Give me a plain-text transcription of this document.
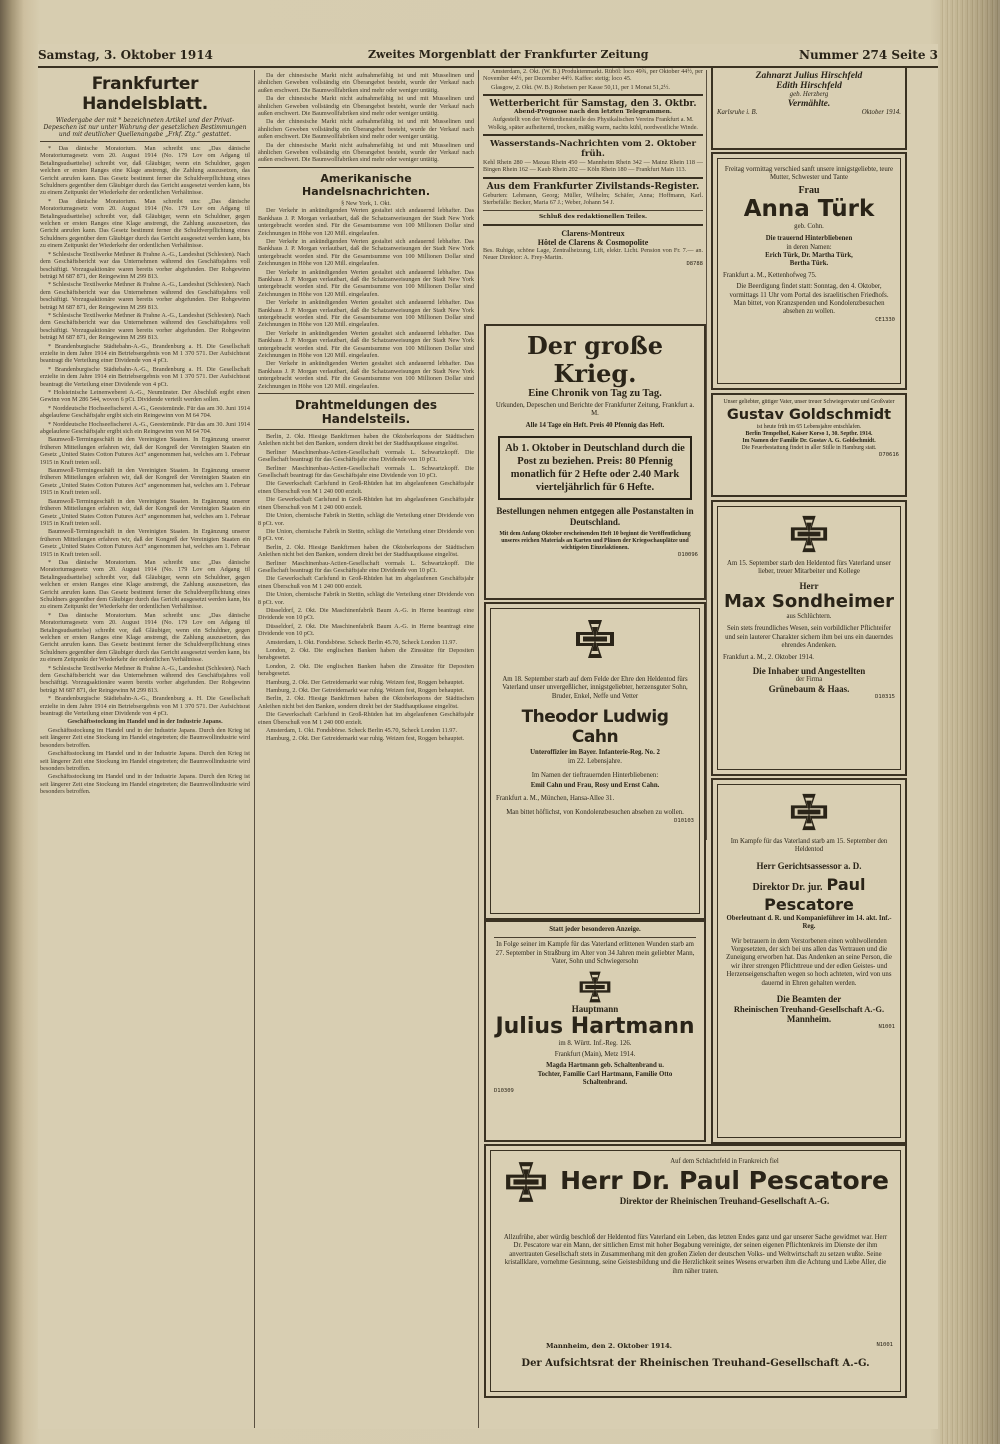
Samstag, 3. Oktober 1914	Zweites Morgenblatt der Frankfurter Zeitung	Nummer 274 Seite 3
Frankfurter Handelsblatt.
Wiedergabe der mit * bezeichneten Artikel und der Privat-Depeschen ist nur unter Wahrung der gesetzlichen Bestimmungen und mit deutlicher Quellenangabe „Frkf. Ztg.“ gestattet.

* Das dänische Moratorium. Man schreibt uns: „Das dänische Moratoriumsgesetz vom 20. August 1914 (No. 179 Lov om Adgang til Betalingsudsættelse) schreibt vor, daß Gläubiger, wenn ein Schuldner, gegen welchen er ersten Ranges eine Klage anstrengt, die Zahlung auszusetzen, das Gericht anrufen kann. Das Gesetz bestimmt ferner die Schuldverpflichtung eines Schuldners gegenüber dem Gläubiger durch das Gericht ausgesetzt werden kann, bis zu einem Zeitpunkt der Wiederkehr der ordentlichen Verhältnisse.

* Das dänische Moratorium. Man schreibt uns: „Das dänische Moratoriumsgesetz vom 20. August 1914 (No. 179 Lov om Adgang til Betalingsudsættelse) schreibt vor, daß Gläubiger, wenn ein Schuldner, gegen welchen er ersten Ranges eine Klage anstrengt, die Zahlung auszusetzen, das Gericht anrufen kann. Das Gesetz bestimmt ferner die Schuldverpflichtung eines Schuldners gegenüber dem Gläubiger durch das Gericht ausgesetzt werden kann, bis zu einem Zeitpunkt der Wiederkehr der ordentlichen Verhältnisse.

* Schlesische Textilwerke Methner & Frahne A.-G., Landeshut (Schlesien). Nach dem Geschäftsbericht war das Unternehmen während des Geschäftsjahres voll beschäftigt. Vorzugsaktionäre waren bereits vorher abgefunden. Der Rohgewinn beträgt M 687 871, der Reingewinn M 299 813.

* Schlesische Textilwerke Methner & Frahne A.-G., Landeshut (Schlesien). Nach dem Geschäftsbericht war das Unternehmen während des Geschäftsjahres voll beschäftigt. Vorzugsaktionäre waren bereits vorher abgefunden. Der Rohgewinn beträgt M 687 871, der Reingewinn M 299 813.

* Schlesische Textilwerke Methner & Frahne A.-G., Landeshut (Schlesien). Nach dem Geschäftsbericht war das Unternehmen während des Geschäftsjahres voll beschäftigt. Vorzugsaktionäre waren bereits vorher abgefunden. Der Rohgewinn beträgt M 687 871, der Reingewinn M 299 813.

* Brandenburgische Städtebahn-A.-G., Brandenburg a. H. Die Gesellschaft erzielte in dem Jahre 1914 ein Betriebsergebnis von M 1 370 571. Der Aufsichtsrat beantragt die Verteilung einer Dividende von 4 pCt.

* Brandenburgische Städtebahn-A.-G., Brandenburg a. H. Die Gesellschaft erzielte in dem Jahre 1914 ein Betriebsergebnis von M 1 370 571. Der Aufsichtsrat beantragt die Verteilung einer Dividende von 4 pCt.

* Holsteinische Leinenweberei A.-G., Neumünster. Der Abschluß ergibt einen Gewinn von M 286 544, wovon 6 pCt. Dividende verteilt werden sollen.

* Norddeutsche Hochseefischerei A.-G., Geestemünde. Für das am 30. Juni 1914 abgelaufene Geschäftsjahr ergibt sich ein Reingewinn von M 64 704.

* Norddeutsche Hochseefischerei A.-G., Geestemünde. Für das am 30. Juni 1914 abgelaufene Geschäftsjahr ergibt sich ein Reingewinn von M 64 704.

Baumwoll-Termingeschäft in den Vereinigten Staaten. In Ergänzung unserer früheren Mitteilungen erfahren wir, daß der Kongreß der Vereinigten Staaten ein Gesetz „United States Cotton Futures Act“ angenommen hat, welches am 1. Februar 1915 in Kraft treten soll.

Baumwoll-Termingeschäft in den Vereinigten Staaten. In Ergänzung unserer früheren Mitteilungen erfahren wir, daß der Kongreß der Vereinigten Staaten ein Gesetz „United States Cotton Futures Act“ angenommen hat, welches am 1. Februar 1915 in Kraft treten soll.

Baumwoll-Termingeschäft in den Vereinigten Staaten. In Ergänzung unserer früheren Mitteilungen erfahren wir, daß der Kongreß der Vereinigten Staaten ein Gesetz „United States Cotton Futures Act“ angenommen hat, welches am 1. Februar 1915 in Kraft treten soll.

Baumwoll-Termingeschäft in den Vereinigten Staaten. In Ergänzung unserer früheren Mitteilungen erfahren wir, daß der Kongreß der Vereinigten Staaten ein Gesetz „United States Cotton Futures Act“ angenommen hat, welches am 1. Februar 1915 in Kraft treten soll.

* Das dänische Moratorium. Man schreibt uns: „Das dänische Moratoriumsgesetz vom 20. August 1914 (No. 179 Lov om Adgang til Betalingsudsættelse) schreibt vor, daß Gläubiger, wenn ein Schuldner, gegen welchen er ersten Ranges eine Klage anstrengt, die Zahlung auszusetzen, das Gericht anrufen kann. Das Gesetz bestimmt ferner die Schuldverpflichtung eines Schuldners gegenüber dem Gläubiger durch das Gericht ausgesetzt werden kann, bis zu einem Zeitpunkt der Wiederkehr der ordentlichen Verhältnisse.

* Das dänische Moratorium. Man schreibt uns: „Das dänische Moratoriumsgesetz vom 20. August 1914 (No. 179 Lov om Adgang til Betalingsudsættelse) schreibt vor, daß Gläubiger, wenn ein Schuldner, gegen welchen er ersten Ranges eine Klage anstrengt, die Zahlung auszusetzen, das Gericht anrufen kann. Das Gesetz bestimmt ferner die Schuldverpflichtung eines Schuldners gegenüber dem Gläubiger durch das Gericht ausgesetzt werden kann, bis zu einem Zeitpunkt der Wiederkehr der ordentlichen Verhältnisse.

* Schlesische Textilwerke Methner & Frahne A.-G., Landeshut (Schlesien). Nach dem Geschäftsbericht war das Unternehmen während des Geschäftsjahres voll beschäftigt. Vorzugsaktionäre waren bereits vorher abgefunden. Der Rohgewinn beträgt M 687 871, der Reingewinn M 299 813.

* Brandenburgische Städtebahn-A.-G., Brandenburg a. H. Die Gesellschaft erzielte in dem Jahre 1914 ein Betriebsergebnis von M 1 370 571. Der Aufsichtsrat beantragt die Verteilung einer Dividende von 4 pCt.

Geschäftsstockung im Handel und in der Industrie Japans.

Geschäftsstockung im Handel und in der Industrie Japans. Durch den Krieg ist seit längerer Zeit eine Stockung im Handel eingetreten; die Baumwollindustrie wird besonders betroffen.

Geschäftsstockung im Handel und in der Industrie Japans. Durch den Krieg ist seit längerer Zeit eine Stockung im Handel eingetreten; die Baumwollindustrie wird besonders betroffen.

Geschäftsstockung im Handel und in der Industrie Japans. Durch den Krieg ist seit längerer Zeit eine Stockung im Handel eingetreten; die Baumwollindustrie wird besonders betroffen.

Da der chinesische Markt nicht aufnahmefähig ist und mit Musselinen und ähnlichen Geweben vollständig ein Überangebot besteht, wurde der Verkauf nach außen erschwert. Die Baumwollfabriken sind mehr oder weniger untätig.

Da der chinesische Markt nicht aufnahmefähig ist und mit Musselinen und ähnlichen Geweben vollständig ein Überangebot besteht, wurde der Verkauf nach außen erschwert. Die Baumwollfabriken sind mehr oder weniger untätig.

Da der chinesische Markt nicht aufnahmefähig ist und mit Musselinen und ähnlichen Geweben vollständig ein Überangebot besteht, wurde der Verkauf nach außen erschwert. Die Baumwollfabriken sind mehr oder weniger untätig.

Da der chinesische Markt nicht aufnahmefähig ist und mit Musselinen und ähnlichen Geweben vollständig ein Überangebot besteht, wurde der Verkauf nach außen erschwert. Die Baumwollfabriken sind mehr oder weniger untätig.

Amerikanische Handelsnachrichten.
§ New York, 1. Okt.

Der Verkehr in ankündigenden Werten gestaltet sich andauernd lebhafter. Das Bankhaus J. P. Morgan verlautbart, daß die Schatzanweisungen der Stadt New York untergebracht worden sind. Für die Gesamtsumme von 100 Millionen Dollar sind Zeichnungen in Höhe von 120 Mill. eingelaufen.

Der Verkehr in ankündigenden Werten gestaltet sich andauernd lebhafter. Das Bankhaus J. P. Morgan verlautbart, daß die Schatzanweisungen der Stadt New York untergebracht worden sind. Für die Gesamtsumme von 100 Millionen Dollar sind Zeichnungen in Höhe von 120 Mill. eingelaufen.

Der Verkehr in ankündigenden Werten gestaltet sich andauernd lebhafter. Das Bankhaus J. P. Morgan verlautbart, daß die Schatzanweisungen der Stadt New York untergebracht worden sind. Für die Gesamtsumme von 100 Millionen Dollar sind Zeichnungen in Höhe von 120 Mill. eingelaufen.

Der Verkehr in ankündigenden Werten gestaltet sich andauernd lebhafter. Das Bankhaus J. P. Morgan verlautbart, daß die Schatzanweisungen der Stadt New York untergebracht worden sind. Für die Gesamtsumme von 100 Millionen Dollar sind Zeichnungen in Höhe von 120 Mill. eingelaufen.

Der Verkehr in ankündigenden Werten gestaltet sich andauernd lebhafter. Das Bankhaus J. P. Morgan verlautbart, daß die Schatzanweisungen der Stadt New York untergebracht worden sind. Für die Gesamtsumme von 100 Millionen Dollar sind Zeichnungen in Höhe von 120 Mill. eingelaufen.

Der Verkehr in ankündigenden Werten gestaltet sich andauernd lebhafter. Das Bankhaus J. P. Morgan verlautbart, daß die Schatzanweisungen der Stadt New York untergebracht worden sind. Für die Gesamtsumme von 100 Millionen Dollar sind Zeichnungen in Höhe von 120 Mill. eingelaufen.

Drahtmeldungen des Handelsteils.

Berlin, 2. Okt. Hiesige Bankfirmen haben die Oktoberkupons der Städtischen Anleihen nicht bei den Banken, sondern direkt bei der Stadthauptkasse eingelöst.

Berliner Maschinenbau-Actien-Gesellschaft vormals L. Schwartzkopff. Die Gesellschaft beantragt für das Geschäftsjahr eine Dividende von 10 pCt.

Berliner Maschinenbau-Actien-Gesellschaft vormals L. Schwartzkopff. Die Gesellschaft beantragt für das Geschäftsjahr eine Dividende von 10 pCt.

Die Gewerkschaft Carlsfund in Groß-Rhüden hat im abgelaufenen Geschäftsjahr einen Überschuß von M 1 240 000 erzielt.

Die Gewerkschaft Carlsfund in Groß-Rhüden hat im abgelaufenen Geschäftsjahr einen Überschuß von M 1 240 000 erzielt.

Die Union, chemische Fabrik in Stettin, schlägt die Verteilung einer Dividende von 8 pCt. vor.

Die Union, chemische Fabrik in Stettin, schlägt die Verteilung einer Dividende von 8 pCt. vor.

Berlin, 2. Okt. Hiesige Bankfirmen haben die Oktoberkupons der Städtischen Anleihen nicht bei den Banken, sondern direkt bei der Stadthauptkasse eingelöst.

Berliner Maschinenbau-Actien-Gesellschaft vormals L. Schwartzkopff. Die Gesellschaft beantragt für das Geschäftsjahr eine Dividende von 10 pCt.

Die Gewerkschaft Carlsfund in Groß-Rhüden hat im abgelaufenen Geschäftsjahr einen Überschuß von M 1 240 000 erzielt.

Die Union, chemische Fabrik in Stettin, schlägt die Verteilung einer Dividende von 8 pCt. vor.

Düsseldorf, 2. Okt. Die Maschinenfabrik Baum A.-G. in Herne beantragt eine Dividende von 10 pCt.

Düsseldorf, 2. Okt. Die Maschinenfabrik Baum A.-G. in Herne beantragt eine Dividende von 10 pCt.

Amsterdam, 1. Okt. Fondsbörse. Scheck Berlin 45.70, Scheck London 11.97.

London, 2. Okt. Die englischen Banken haben die Zinssätze für Depositen herabgesetzt.

London, 2. Okt. Die englischen Banken haben die Zinssätze für Depositen herabgesetzt.

Hamburg, 2. Okt. Der Getreidemarkt war ruhig. Weizen fest, Roggen behauptet.

Hamburg, 2. Okt. Der Getreidemarkt war ruhig. Weizen fest, Roggen behauptet.

Berlin, 2. Okt. Hiesige Bankfirmen haben die Oktoberkupons der Städtischen Anleihen nicht bei den Banken, sondern direkt bei der Stadthauptkasse eingelöst.

Die Gewerkschaft Carlsfund in Groß-Rhüden hat im abgelaufenen Geschäftsjahr einen Überschuß von M 1 240 000 erzielt.

Amsterdam, 1. Okt. Fondsbörse. Scheck Berlin 45.70, Scheck London 11.97.

Hamburg, 2. Okt. Der Getreidemarkt war ruhig. Weizen fest, Roggen behauptet.

Amsterdam, 2. Okt. (W. B.) Produktenmarkt. Rüböl: loco 49¾, per Oktober 44½, per November 44½, per Dezember 44½. Kaffee: stetig; loco 45.

Glasgow, 2. Okt. (W. B.) Roheisen per Kasse 50,11, per 1 Monat 51,2½.

Wetterbericht für Samstag, den 3. Oktbr.
Abend-Prognose nach den letzten Telegrammen.
Aufgestellt von der Wetterdienststelle des Physikalischen Vereins Frankfurt a. M. Wolkig, später aufheiternd, trocken, mäßig warm, nachts kühl, nordwestliche Winde.
Wasserstands-Nachrichten vom 2. Oktober früh.
Kehl Rhein 280 — Maxau Rhein 450 — Mannheim Rhein 342 — Mainz Rhein 118 — Bingen Rhein 162 — Kaub Rhein 202 — Köln Rhein 180 — Frankfurt Main 113.
Aus dem Frankfurter Zivilstands-Register.
Geburten: Lehmann, Georg; Müller, Wilhelm; Schäfer, Anna; Hoffmann, Karl. Sterbefälle: Becker, Maria 67 J.; Weber, Johann 54 J.
Schluß des redaktionellen Teiles.
Clarens-Montreux
Hôtel de Clarens & Cosmopolite
Bes. Ruhige, schöne Lage, Zentralheizung, Lift, elektr. Licht. Pension von Fr. 7.— an. Neuer Direktor: A. Frey-Martin.
D8788
Der große Krieg.
Eine Chronik von Tag zu Tag.
Urkunden, Depeschen und Berichte der Frankfurter Zeitung, Frankfurt a. M.
Alle 14 Tage ein Heft. Preis 40 Pfennig das Heft.
Ab 1. Oktober in Deutschland durch die Post zu beziehen. Preis: 80 Pfennig monatlich für 2 Hefte oder 2.40 Mark vierteljährlich für 6 Hefte.
Bestellungen nehmen entgegen alle Postanstalten in Deutschland.
Mit dem Anfang Oktober erscheinenden Heft 10 beginnt die Veröffentlichung unseres reichen Materials an Karten und Plänen der Kriegsschauplätze und wichtigsten Einzelaktionen.
D10096
Am 18. September starb auf dem Felde der Ehre den Heldentod fürs Vaterland unser unvergeßlicher, innigstgeliebter, herzensguter Sohn, Bruder, Enkel, Neffe und Vetter
Theodor Ludwig Cahn
Unteroffizier im Bayer. Infanterie-Reg. No. 2
im 22. Lebensjahre.
Im Namen der tieftrauernden Hinterbliebenen:
Emil Cahn und Frau, Rosy und Ernst Cahn.
Frankfurt a. M., München, Hansa-Allee 31.
Man bittet höflichst, von Kondolenzbesuchen absehen zu wollen.
D10103
Statt jeder besonderen Anzeige.
In Folge seiner im Kampfe für das Vaterland erlittenen Wunden starb am 27. September in Straßburg im Alter von 34 Jahren mein geliebter Mann, Vater, Sohn und Schwiegersohn
Hauptmann
Julius Hartmann
im 8. Württ. Inf.-Reg. 126.
Frankfurt (Main), Metz 1914.
Magda Hartmann geb. Schaltenbrand u. Tochter, Familie Carl Hartmann, Familie Otto Schaltenbrand.
D10309
Zahnarzt Julius Hirschfeld
Edith Hirschfeld
geb. Herzberg
Vermählte.
Karlsruhe i. B.	Oktober 1914.
Freitag vormittag verschied sanft unsere innigstgeliebte, teure Mutter, Schwester und Tante
Frau
Anna Türk
geb. Cohn.
Die trauernd Hinterbliebenen
in deren Namen:
Erich Türk, Dr. Martha Türk, Bertha Türk.
Frankfurt a. M., Kettenhofweg 75.
Die Beerdigung findet statt: Sonntag, den 4. Oktober, vormittags 11 Uhr vom Portal des israelitischen Friedhofs.
Man bittet, von Kranzspenden und Kondolenzbesuchen absehen zu wollen.
CE1330
Unser geliebter, gütiger Vater, unser treuer Schwiegervater und Großvater
Gustav Goldschmidt
ist heute früh im 65 Lebensjahre entschlafen.
Berlin Tempelhof, Kaiser Korso 1, 30. Septbr. 1914.
Im Namen der Familie Dr. Gustav A. G. Goldschmidt.
Die Feuerbestattung findet in aller Stille in Hamburg statt.
D70616
Am 15. September starb den Heldentod fürs Vaterland unser lieber, treuer Mitarbeiter und Kollege
Herr
Max Sondheimer
aus Schlüchtern.
Sein stets freundliches Wesen, sein vorbildlicher Pflichteifer und sein lauterer Charakter sichern ihm bei uns ein dauerndes ehrendes Andenken.
Frankfurt a. M., 2. Oktober 1914.
Die Inhaber und Angestellten
der Firma
Grünebaum & Haas.
D10315
Im Kampfe für das Vaterland starb am 15. September den Heldentod
Herr Gerichtsassessor a. D.
Direktor Dr. jur. Paul Pescatore
Oberleutnant d. R. und Kompanieführer im 14. akt. Inf.-Reg.
Wir betrauern in dem Verstorbenen einen wohlwollenden Vorgesetzten, der sich bei uns allen das Vertrauen und die Zuneigung erworben hat. Das Andenken an seine Person, die wir ihrer strengen Pflichttreue und der edlen Geistes- und Herzenseigenschaften wegen so hoch achteten, wird von uns dauernd in Ehren gehalten werden.
Die Beamten der
Rheinischen Treuhand-Gesellschaft A.-G.
Mannheim.
N1001
Auf dem Schlachtfeld in Frankreich fiel
Herr Dr. Paul Pescatore
Direktor der Rheinischen Treuhand-Gesellschaft A.-G.
Allzufrühe, aber würdig beschloß der Heldentod fürs Vaterland ein Leben, das letzten Endes ganz und gar unserer Sache gewidmet war. Herr Dr. Pescatore war ein Mann, der sittlichen Ernst mit hoher Begabung vereinigte, der seinen eigenen Pflichtenkreis im Dienste der ihm anvertrauten Gesellschaft stets in Zusammenhang mit den großen Zielen der deutschen Volks- und Weltwirtschaft zu setzen wußte. Seine kristallklare, vornehme Gesinnung, seine Geistesbildung und die Herzlichkeit seines Wesens erwarben ihm die Achtung und Liebe Aller, die ihm näher traten.
Mannheim, den 2. Oktober 1914.
Der Aufsichtsrat der Rheinischen Treuhand-Gesellschaft A.-G.
N1001
